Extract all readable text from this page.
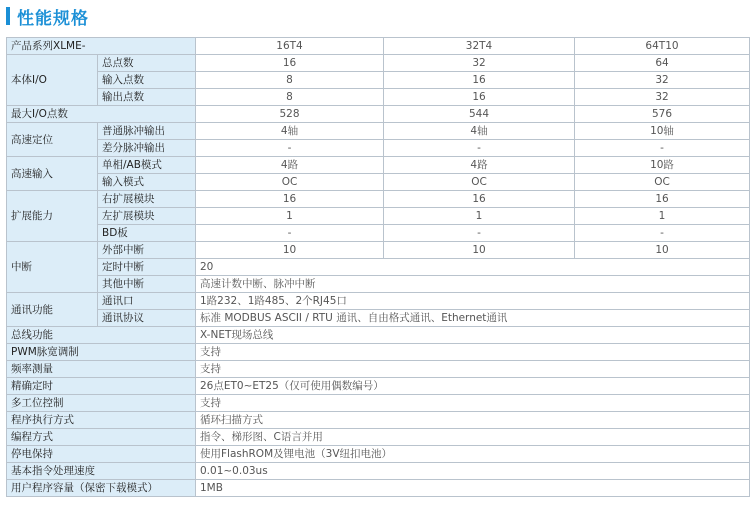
性能规格
产品系列XLME-		16T4	32T4	64T10
本体I/O	总点数	16	32	64
	输入点数	8	16	32
	输出点数	8	16	32
最大I/O点数		528	544	576
高速定位	普通脉冲输出	4轴	4轴	10轴
	差分脉冲输出	-	-	-
高速输入	单相/AB模式	4路	4路	10路
	输入模式	OC	OC	OC
扩展能力	右扩展模块	16	16	16
	左扩展模块	1	1	1
	BD板	-	-	-
中断	外部中断	10	10	10
	定时中断	20		
	其他中断	高速计数中断、脉冲中断		
通讯功能	通讯口	1路232、1路485、2个RJ45口		
	通讯协议	标准 MODBUS ASCII / RTU 通讯、自由格式通讯、Ethernet通讯		
总线功能		X-NET现场总线		
PWM脉宽调制		支持		
频率测量		支持		
精确定时		26点ET0~ET25（仅可使用偶数编号）		
多工位控制		支持		
程序执行方式		循环扫描方式		
编程方式		指令、梯形图、C语言并用		
停电保持		使用FlashROM及锂电池（3V纽扣电池）		
基本指令处理速度		0.01~0.03us		
用户程序容量（保密下载模式）		1MB		
